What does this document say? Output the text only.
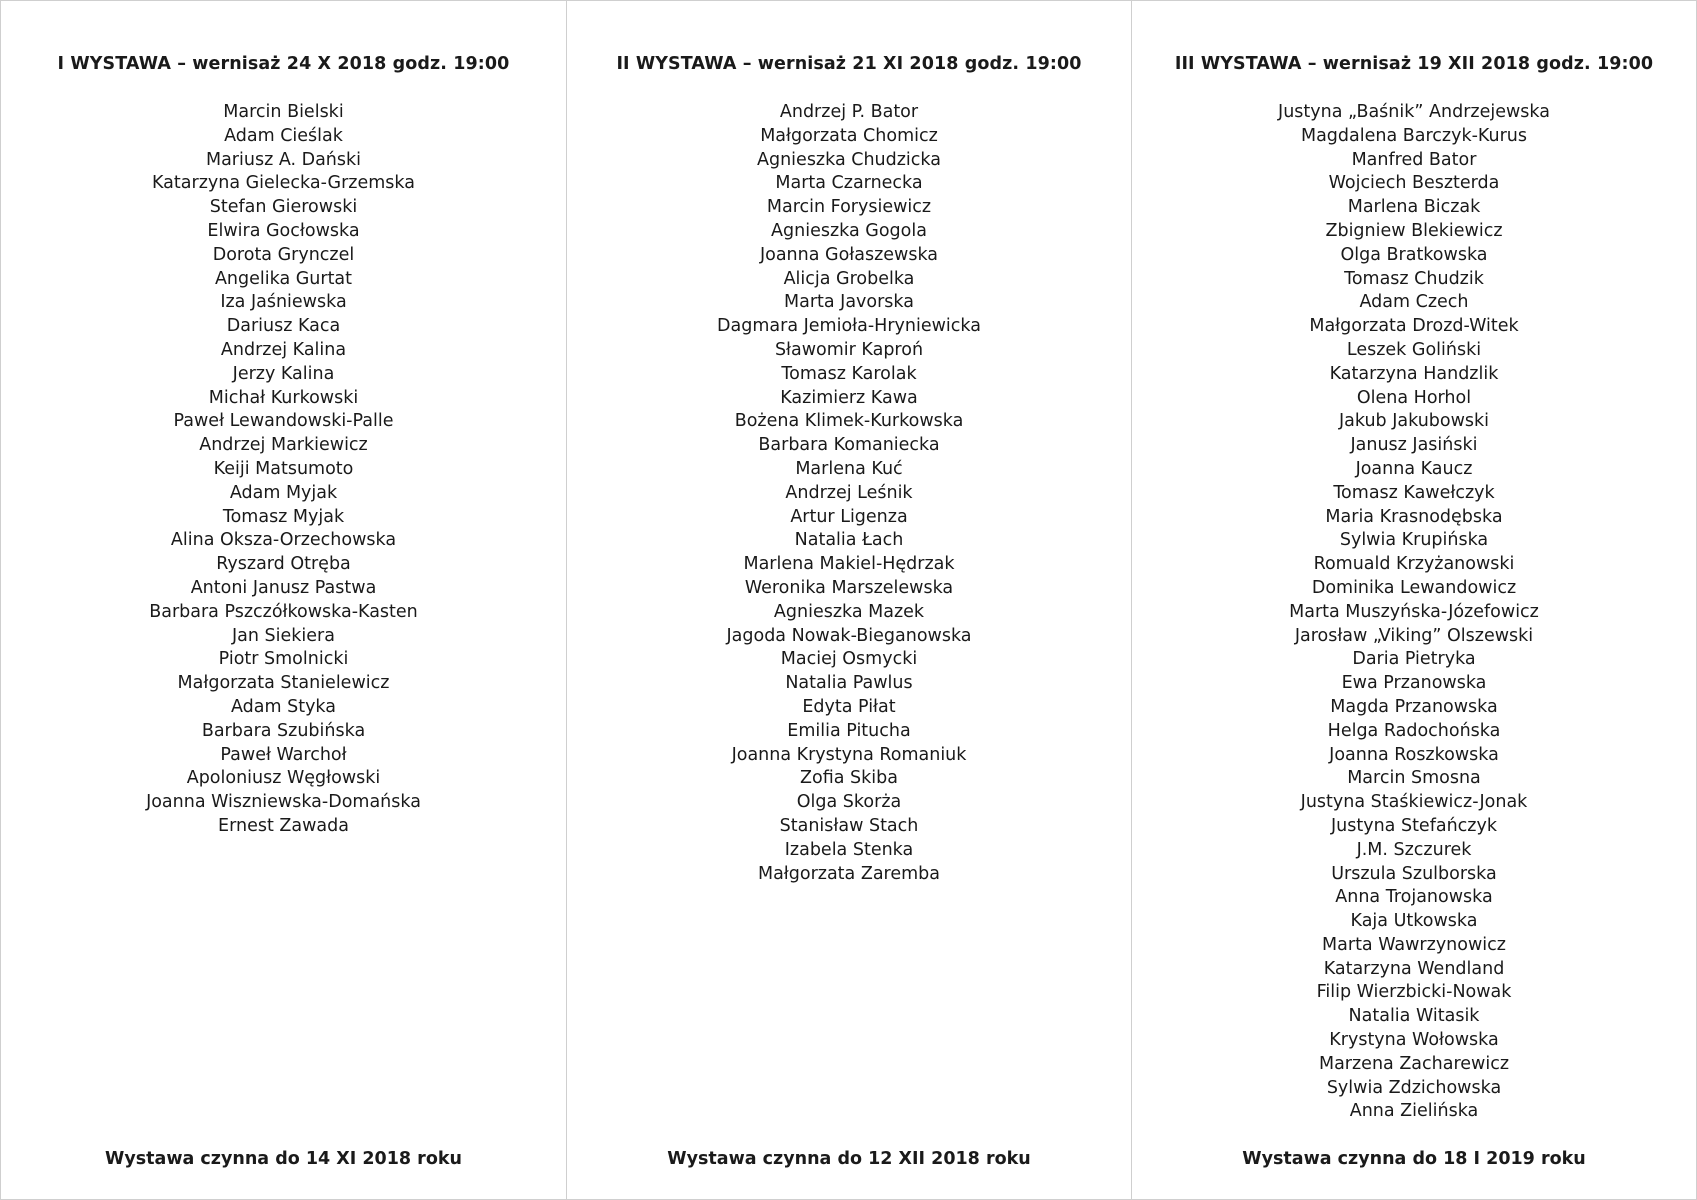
I WYSTAWA – wernisaż 24 X 2018 godz. 19:00
Marcin Bielski
Adam Cieślak
Mariusz A. Dański
Katarzyna Gielecka-Grzemska
Stefan Gierowski
Elwira Gocłowska
Dorota Grynczel
Angelika Gurtat
Iza Jaśniewska
Dariusz Kaca
Andrzej Kalina
Jerzy Kalina
Michał Kurkowski
Paweł Lewandowski-Palle
Andrzej Markiewicz
Keiji Matsumoto
Adam Myjak
Tomasz Myjak
Alina Oksza-Orzechowska
Ryszard Otręba
Antoni Janusz Pastwa
Barbara Pszczółkowska-Kasten
Jan Siekiera
Piotr Smolnicki
Małgorzata Stanielewicz
Adam Styka
Barbara Szubińska
Paweł Warchoł
Apoloniusz Węgłowski
Joanna Wiszniewska-Domańska
Ernest Zawada
Wystawa czynna do 14 XI 2018 roku
II WYSTAWA – wernisaż 21 XI 2018 godz. 19:00
Andrzej P. Bator
Małgorzata Chomicz
Agnieszka Chudzicka
Marta Czarnecka
Marcin Forysiewicz
Agnieszka Gogola
Joanna Gołaszewska
Alicja Grobelka
Marta Javorska
Dagmara Jemioła-Hryniewicka
Sławomir Kaproń
Tomasz Karolak
Kazimierz Kawa
Bożena Klimek-Kurkowska
Barbara Komaniecka
Marlena Kuć
Andrzej Leśnik
Artur Ligenza
Natalia Łach
Marlena Makiel-Hędrzak
Weronika Marszelewska
Agnieszka Mazek
Jagoda Nowak-Bieganowska
Maciej Osmycki
Natalia Pawlus
Edyta Piłat
Emilia Pitucha
Joanna Krystyna Romaniuk
Zofia Skiba
Olga Skorża
Stanisław Stach
Izabela Stenka
Małgorzata Zaremba
Wystawa czynna do 12 XII 2018 roku
III WYSTAWA – wernisaż 19 XII 2018 godz. 19:00
Justyna „Baśnik” Andrzejewska
Magdalena Barczyk-Kurus
Manfred Bator
Wojciech Beszterda
Marlena Biczak
Zbigniew Blekiewicz
Olga Bratkowska
Tomasz Chudzik
Adam Czech
Małgorzata Drozd-Witek
Leszek Goliński
Katarzyna Handzlik
Olena Horhol
Jakub Jakubowski
Janusz Jasiński
Joanna Kaucz
Tomasz Kawełczyk
Maria Krasnodębska
Sylwia Krupińska
Romuald Krzyżanowski
Dominika Lewandowicz
Marta Muszyńska-Józefowicz
Jarosław „Viking” Olszewski
Daria Pietryka
Ewa Przanowska
Magda Przanowska
Helga Radochońska
Joanna Roszkowska
Marcin Smosna
Justyna Staśkiewicz-Jonak
Justyna Stefańczyk
J.M. Szczurek
Urszula Szulborska
Anna Trojanowska
Kaja Utkowska
Marta Wawrzynowicz
Katarzyna Wendland
Filip Wierzbicki-Nowak
Natalia Witasik
Krystyna Wołowska
Marzena Zacharewicz
Sylwia Zdzichowska
Anna Zielińska
Wystawa czynna do 18 I 2019 roku
